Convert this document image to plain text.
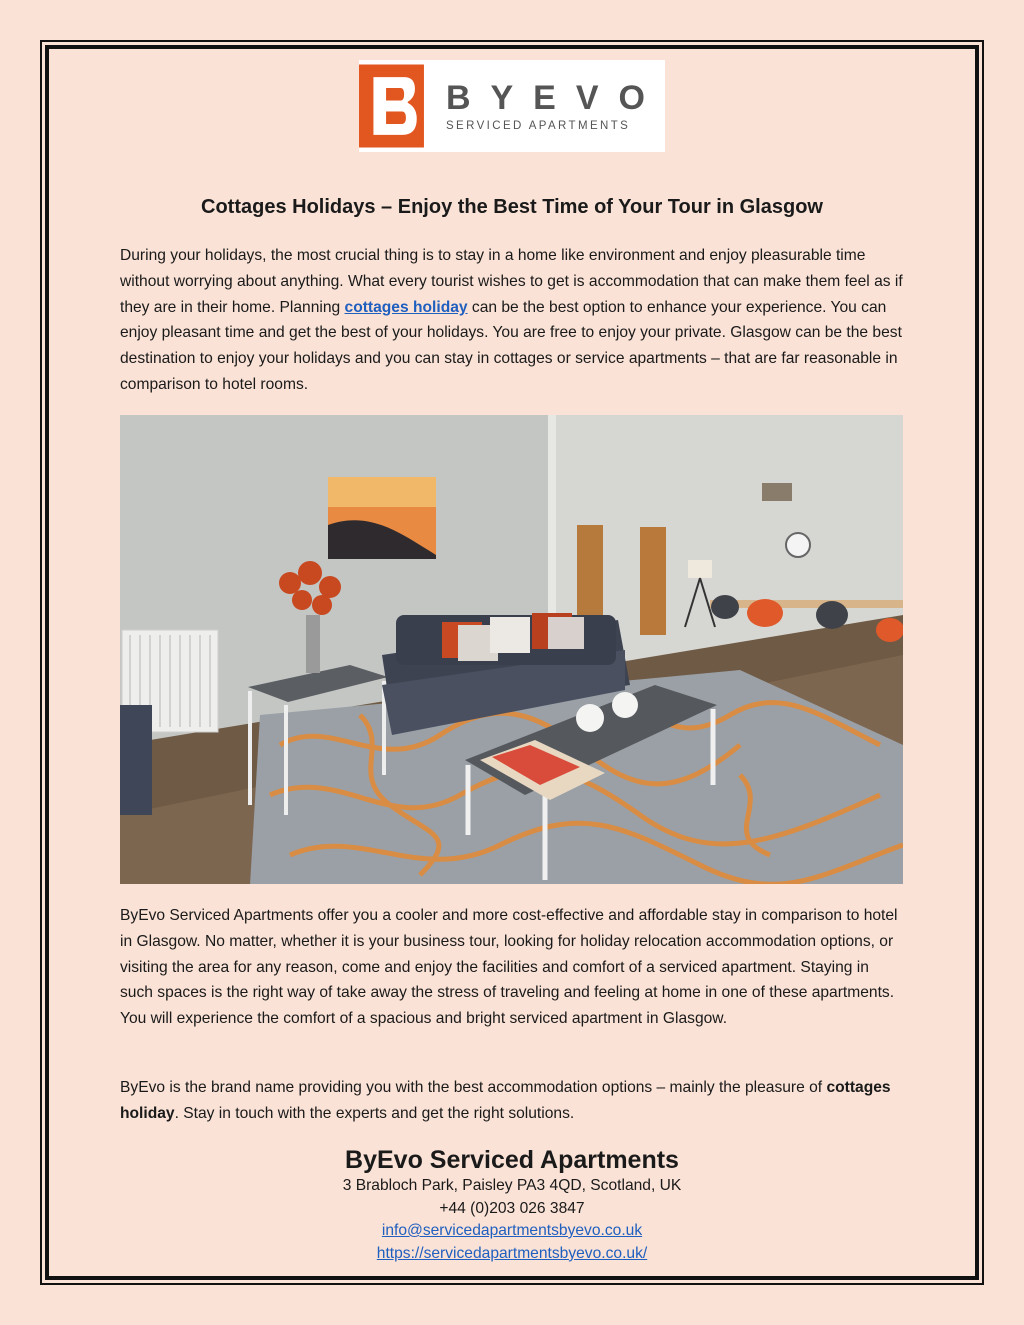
BYEVO
SERVICED APARTMENTS
Cottages Holidays – Enjoy the Best Time of Your Tour in Glasgow

During your holidays, the most crucial thing is to stay in a home like environment and enjoy pleasurable time without worrying about anything. What every tourist wishes to get is accommodation that can make them feel as if they are in their home. Planning cottages holiday can be the best option to enhance your experience. You can enjoy pleasant time and get the best of your holidays. You are free to enjoy your private. Glasgow can be the best destination to enjoy your holidays and you can stay in cottages or service apartments – that are far reasonable in comparison to hotel rooms.

ByEvo Serviced Apartments offer you a cooler and more cost-effective and affordable stay in comparison to hotel in Glasgow. No matter, whether it is your business tour, looking for holiday relocation accommodation options, or visiting the area for any reason, come and enjoy the facilities and comfort of a serviced apartment. Staying in such spaces is the right way of take away the stress of traveling and feeling at home in one of these apartments. You will experience the comfort of a spacious and bright serviced apartment in Glasgow.

ByEvo is the brand name providing you with the best accommodation options – mainly the pleasure of cottages holiday. Stay in touch with the experts and get the right solutions.

ByEvo Serviced Apartments
3 Brabloch Park, Paisley PA3 4QD, Scotland, UK
+44 (0)203 026 3847
info@servicedapartmentsbyevo.co.uk
https://servicedapartmentsbyevo.co.uk/
